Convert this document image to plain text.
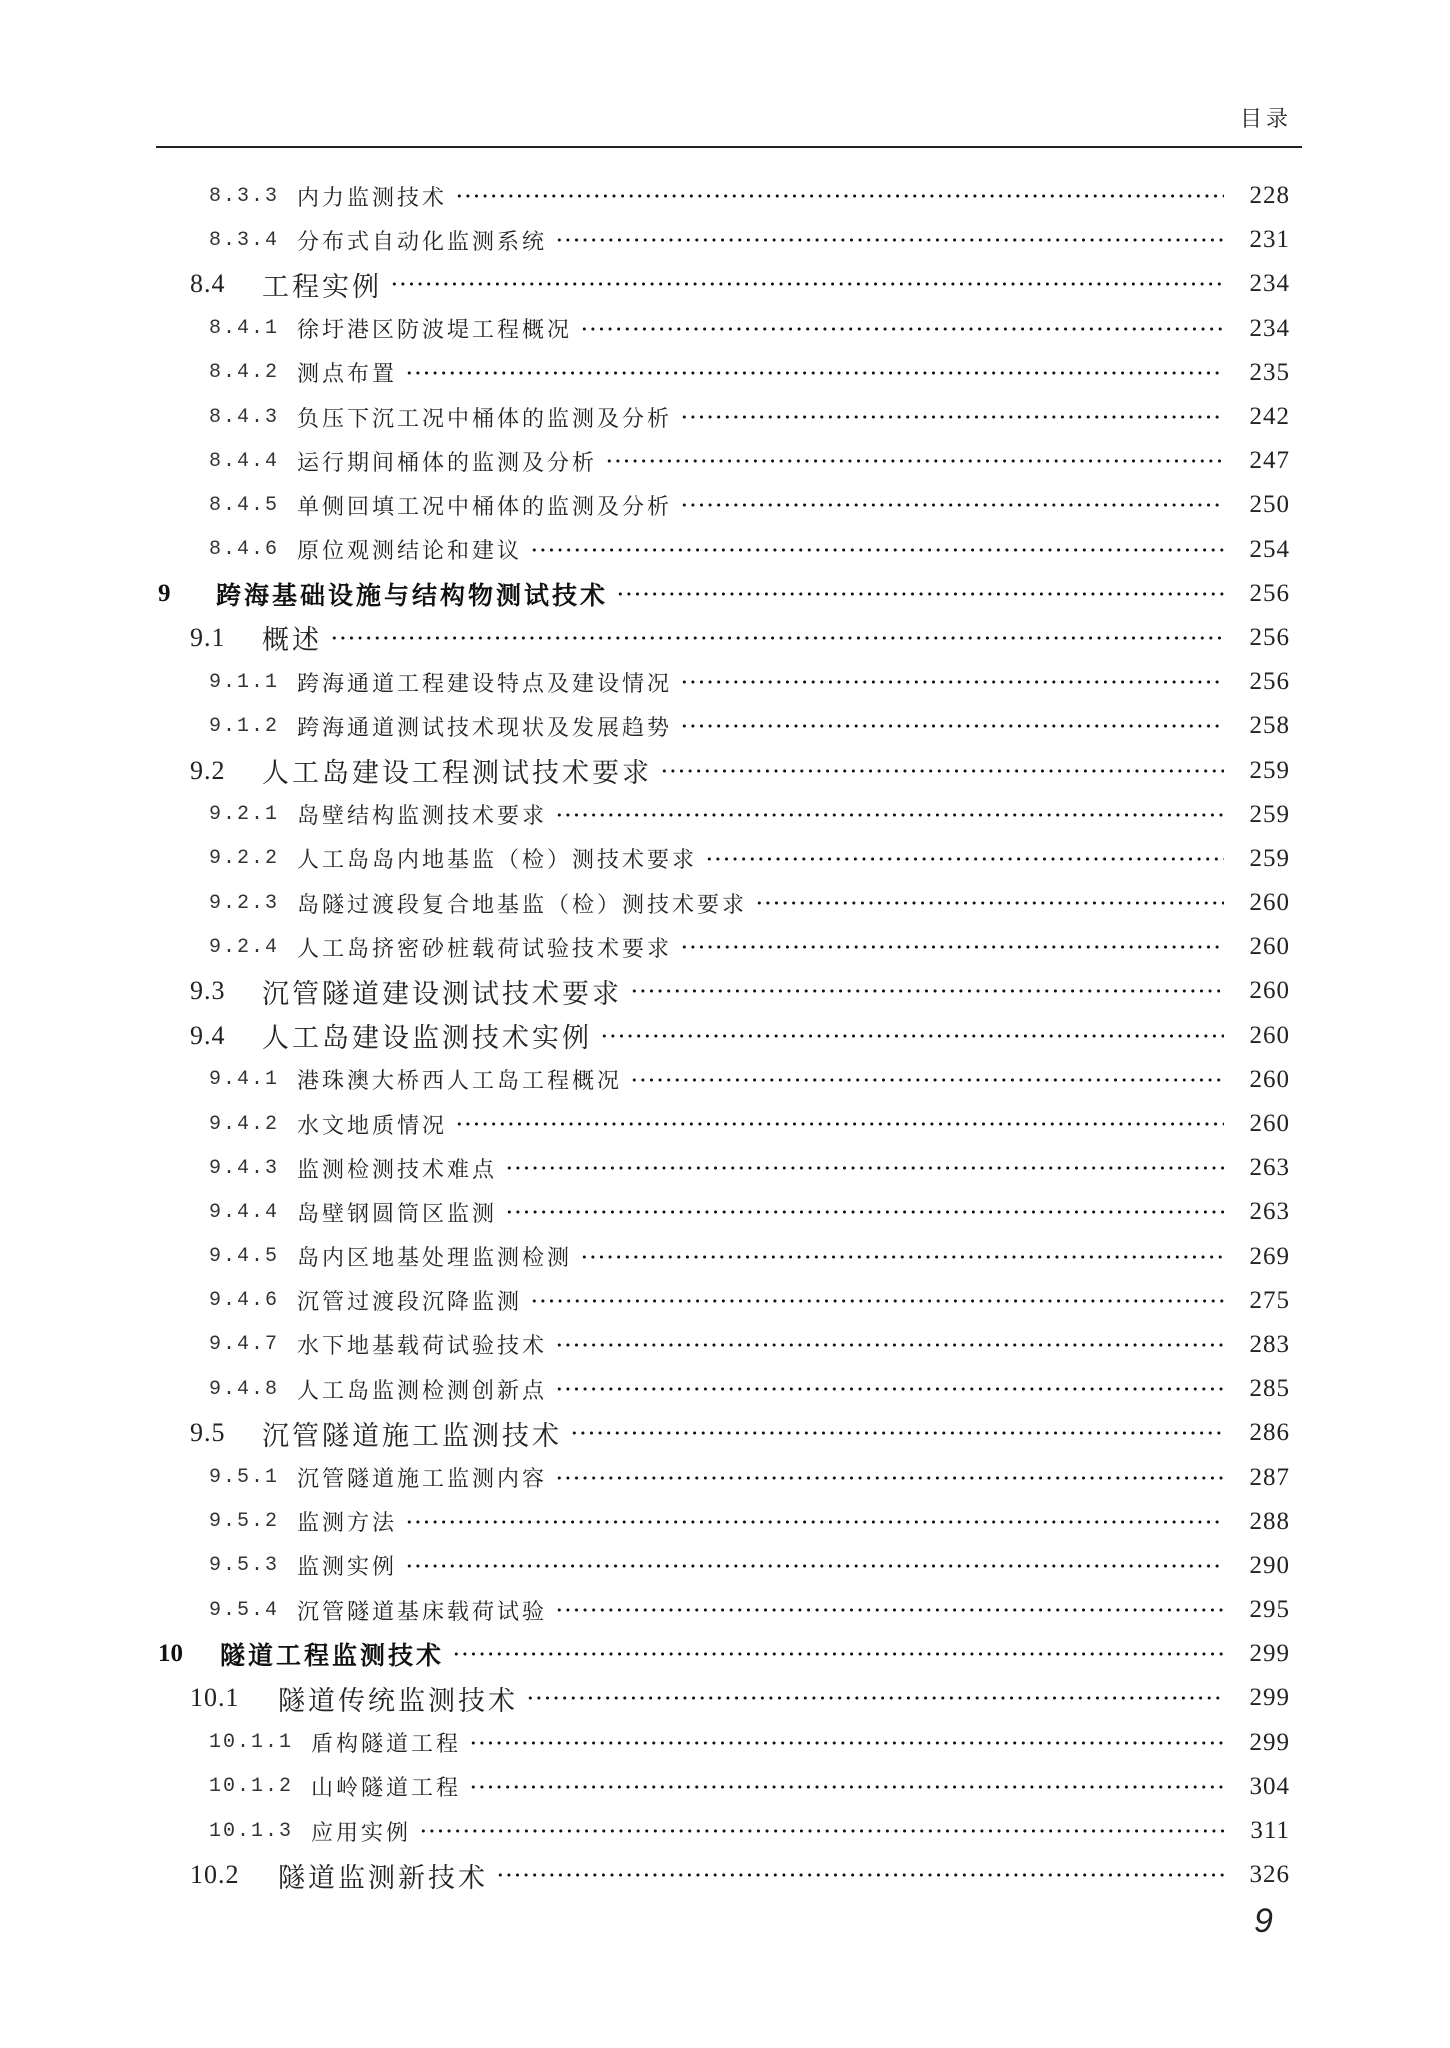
目录
8.3.3 内力监测技术	228
8.3.4 分布式自动化监测系统	231
8.4	工程实例	234
8.4.1 徐圩港区防波堤工程概况	234
8.4.2 测点布置	235
8.4.3 负压下沉工况中桶体的监测及分析	242
8.4.4 运行期间桶体的监测及分析	247
8.4.5 单侧回填工况中桶体的监测及分析	250
8.4.6 原位观测结论和建议	254
9	跨海基础设施与结构物测试技术	256
9.1	概述	256
9.1.1 跨海通道工程建设特点及建设情况	256
9.1.2 跨海通道测试技术现状及发展趋势	258
9.2	人工岛建设工程测试技术要求	259
9.2.1 岛壁结构监测技术要求	259
9.2.2 人工岛岛内地基监（检）测技术要求	259
9.2.3 岛隧过渡段复合地基监（检）测技术要求	260
9.2.4 人工岛挤密砂桩载荷试验技术要求	260
9.3	沉管隧道建设测试技术要求	260
9.4	人工岛建设监测技术实例	260
9.4.1 港珠澳大桥西人工岛工程概况	260
9.4.2 水文地质情况	260
9.4.3 监测检测技术难点	263
9.4.4 岛壁钢圆筒区监测	263
9.4.5 岛内区地基处理监测检测	269
9.4.6 沉管过渡段沉降监测	275
9.4.7 水下地基载荷试验技术	283
9.4.8 人工岛监测检测创新点	285
9.5	沉管隧道施工监测技术	286
9.5.1 沉管隧道施工监测内容	287
9.5.2 监测方法	288
9.5.3 监测实例	290
9.5.4 沉管隧道基床载荷试验	295
10	隧道工程监测技术	299
10.1	隧道传统监测技术	299
10.1.1 盾构隧道工程	299
10.1.2 山岭隧道工程	304
10.1.3 应用实例	311
10.2	隧道监测新技术	326
9
